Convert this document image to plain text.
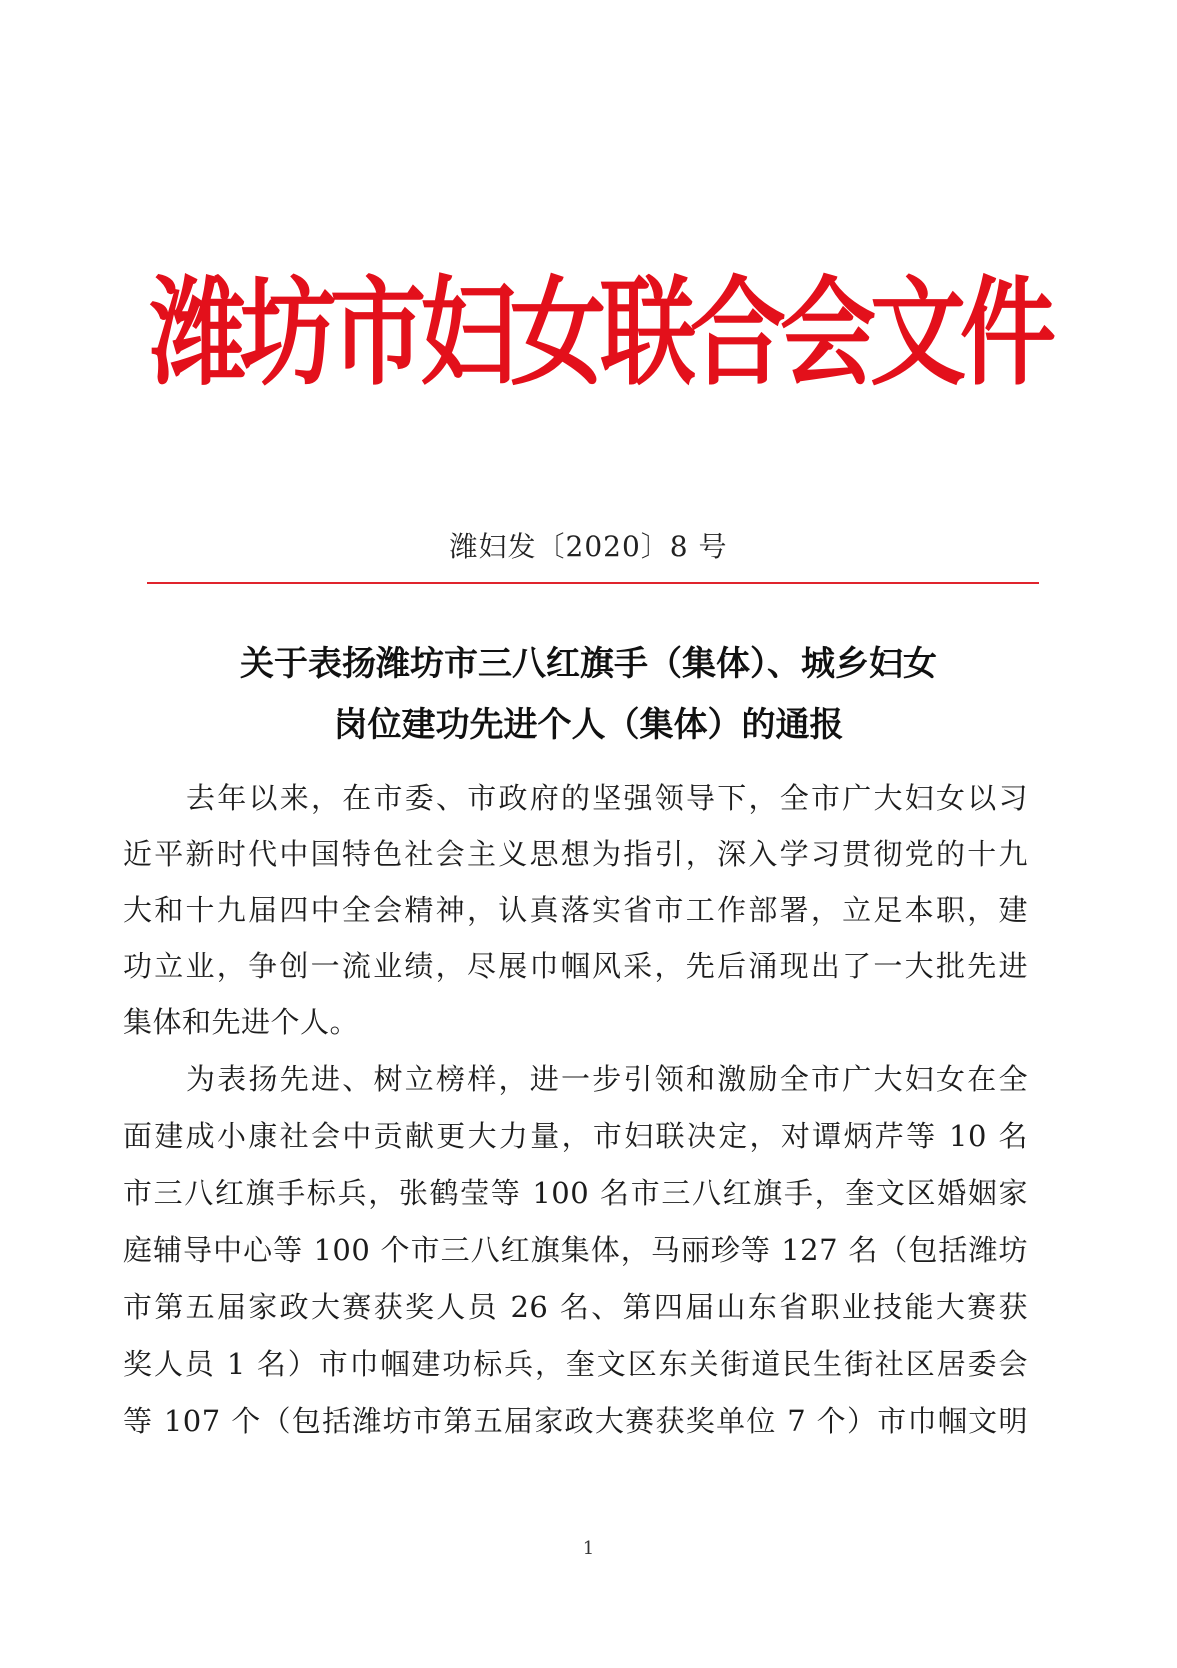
潍坊市妇女联合会文件
潍妇发〔2020〕8 号
关于表扬潍坊市三八红旗手（集体）、城乡妇女
岗位建功先进个人（集体）的通报
去年以来，在市委、市政府的坚强领导下，全市广大妇女以习
近平新时代中国特色社会主义思想为指引，深入学习贯彻党的十九
大和十九届四中全会精神，认真落实省市工作部署，立足本职，建
功立业，争创一流业绩，尽展巾帼风采，先后涌现出了一大批先进
集体和先进个人。
为表扬先进、树立榜样，进一步引领和激励全市广大妇女在全
面建成小康社会中贡献更大力量，市妇联决定，对谭炳芹等 10 名
市三八红旗手标兵，张鹤莹等 100 名市三八红旗手，奎文区婚姻家
庭辅导中心等 100 个市三八红旗集体，马丽珍等 127 名（包括潍坊
市第五届家政大赛获奖人员 26 名、第四届山东省职业技能大赛获
奖人员 1 名）市巾帼建功标兵，奎文区东关街道民生街社区居委会
等 107 个（包括潍坊市第五届家政大赛获奖单位 7 个）市巾帼文明
1
